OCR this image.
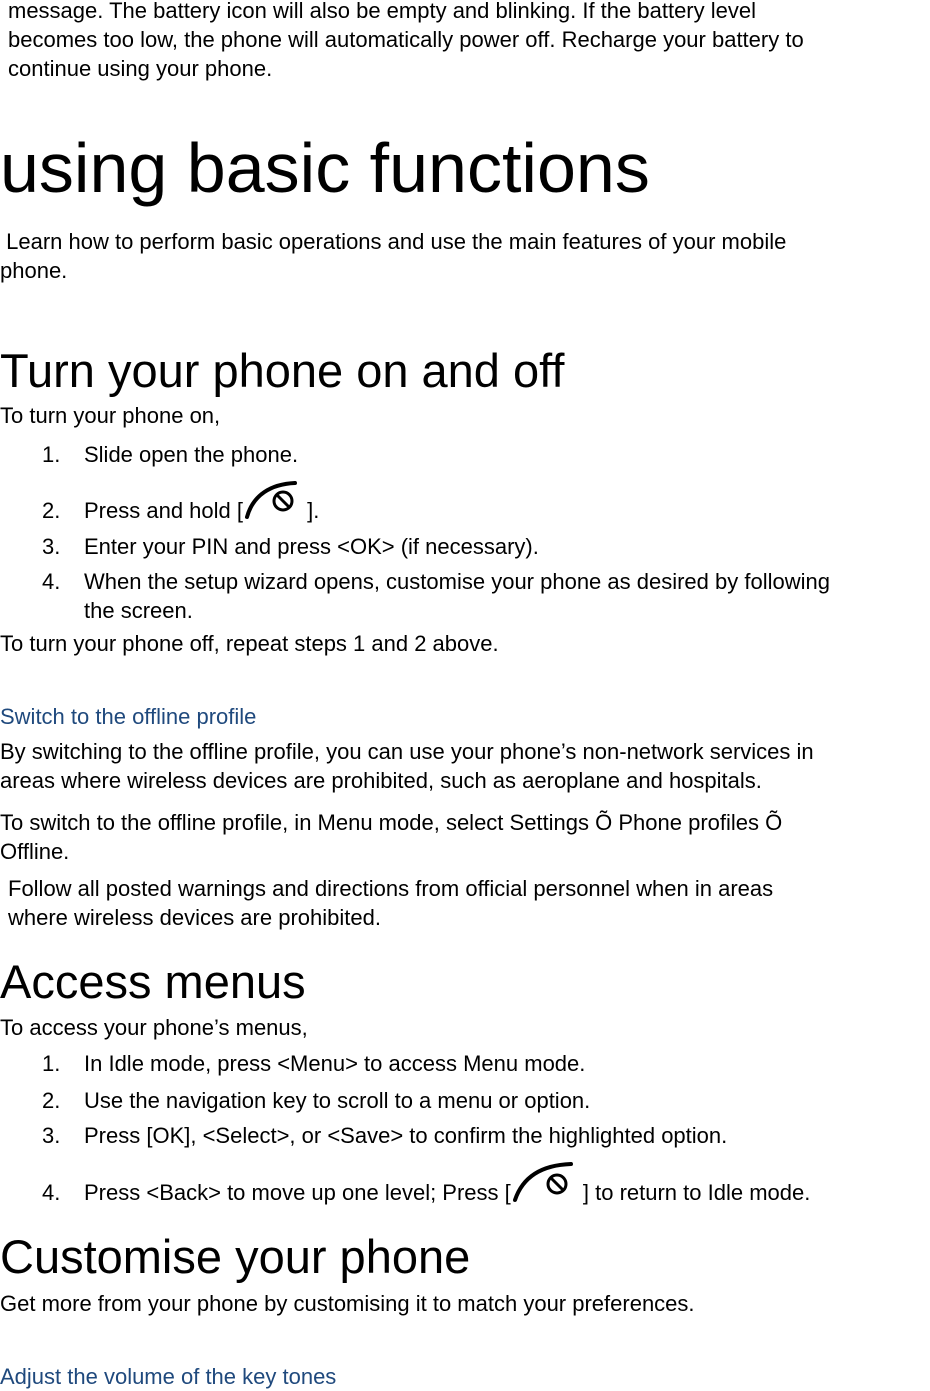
message. The battery icon will also be empty and blinking. If the battery level

becomes too low, the phone will automatically power off. Recharge your battery to

continue using your phone.

using basic functions

Learn how to perform basic operations and use the main features of your mobile

phone.

Turn your phone on and off

To turn your phone on,

1. Slide open the phone.
2. Press and hold [	].
3. Enter your PIN and press <OK> (if necessary).
4. When the setup wizard opens, customise your phone as desired by following

the screen.

To turn your phone off, repeat steps 1 and 2 above.

Switch to the offline profile

By switching to the offline profile, you can use your phone’s non-network services in

areas where wireless devices are prohibited, such as aeroplane and hospitals.

To switch to the offline profile, in Menu mode, select Settings Õ Phone profiles Õ

Offline.

Follow all posted warnings and directions from official personnel when in areas

where wireless devices are prohibited.

Access menus

To access your phone’s menus,

1. In Idle mode, press <Menu> to access Menu mode.
2. Use the navigation key to scroll to a menu or option.
3. Press [OK], <Select>, or <Save> to confirm the highlighted option.
4. Press <Back> to move up one level; Press [	] to return to Idle mode.
Customise your phone

Get more from your phone by customising it to match your preferences.

Adjust the volume of the key tones
